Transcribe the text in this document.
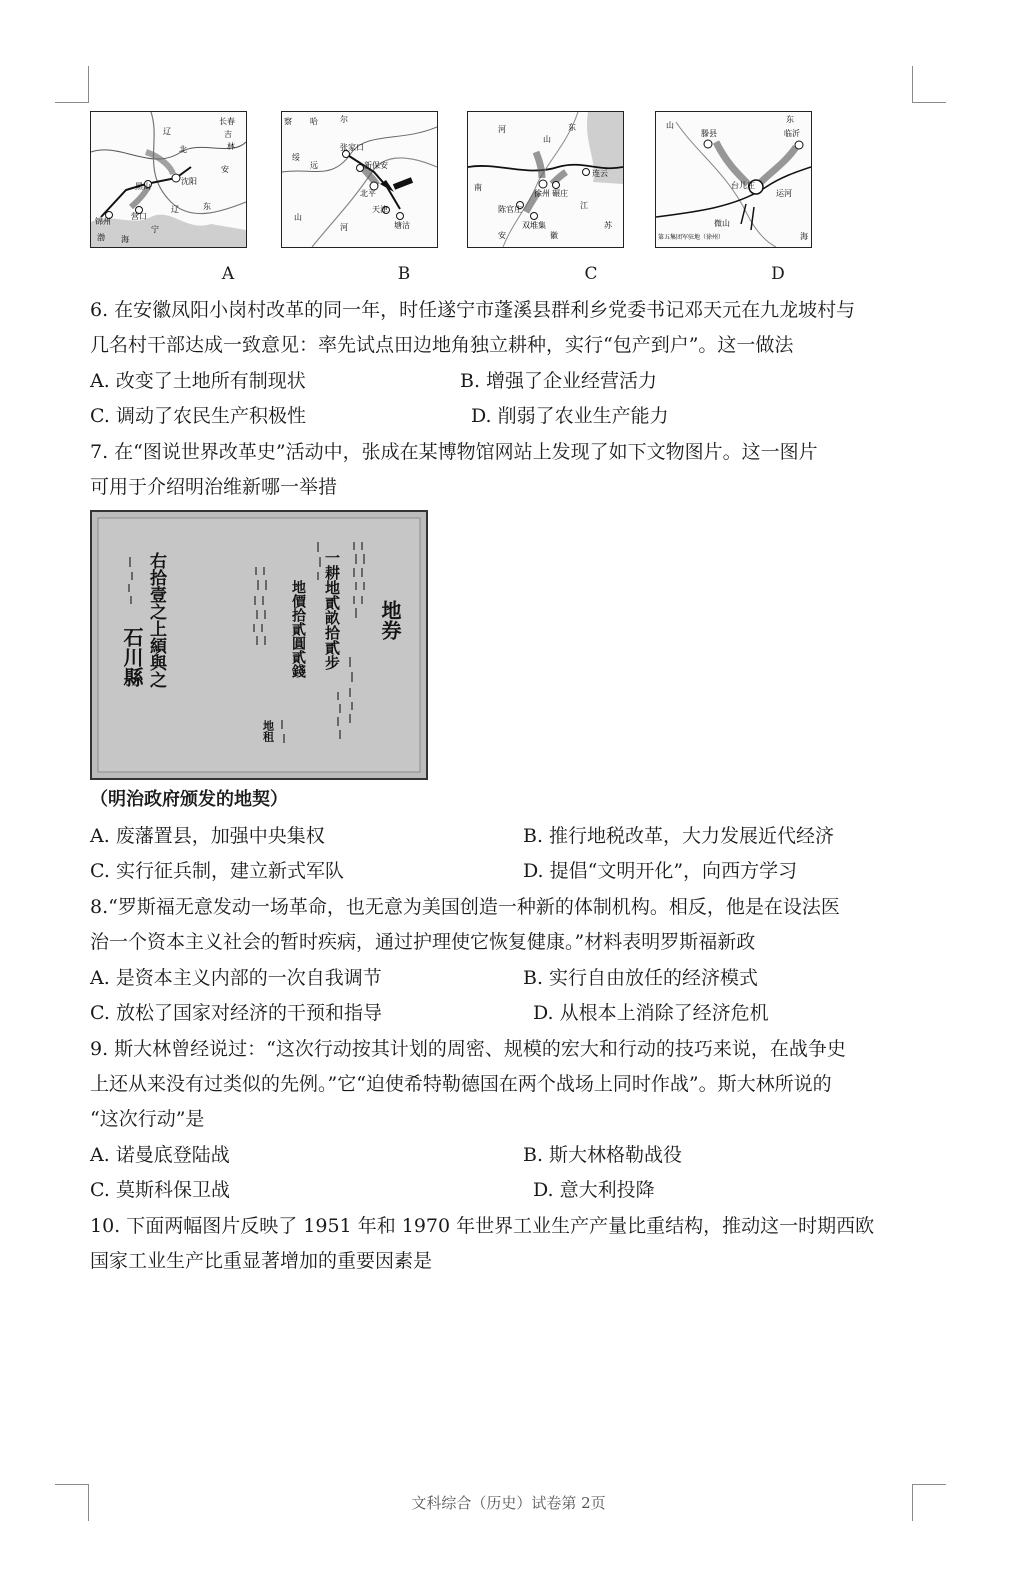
长春
辽	吉
林
北
安
锦州
黑山
沈阳
营口
辽	东
渤
宁
海
察 哈	尔
张家口
新保安
北平
绥
远
天津
塘沽
山
河
河
山
东
徐州 碾庄
连云
陈官庄
双堆集
安	徽
江
苏
南
山
东
滕县	临沂
台儿庄
运河
微山
第五集团军驻地（徐州）	海
A	B	C	D
6. 在安徽凤阳小岗村改革的同一年，时任遂宁市蓬溪县群利乡党委书记邓天元在九龙坡村与
几名村干部达成一致意见：率先试点田边地角独立耕种，实行“包产到户”。这一做法
A. 改变了土地所有制现状	B. 增强了企业经营活力
C. 调动了农民生产积极性	D. 削弱了农业生产能力
7. 在“图说世界改革史”活动中，张成在某博物馆网站上发现了如下文物图片。这一图片
可用于介绍明治维新哪一举措
右拾壹之上䋶與之
石川縣	一耕地貳畝拾貳步
地價拾貳圓貳錢	地券
地租
（明治政府颁发的地契）
A. 废藩置县，加强中央集权	B. 推行地税改革，大力发展近代经济
C. 实行征兵制，建立新式军队	D. 提倡“文明开化”，向西方学习
8.“罗斯福无意发动一场革命，也无意为美国创造一种新的体制机构。相反，他是在设法医
治一个资本主义社会的暂时疾病，通过护理使它恢复健康。”材料表明罗斯福新政
A. 是资本主义内部的一次自我调节	B. 实行自由放任的经济模式
C. 放松了国家对经济的干预和指导	D. 从根本上消除了经济危机
9. 斯大林曾经说过：“这次行动按其计划的周密、规模的宏大和行动的技巧来说，在战争史
上还从来没有过类似的先例。”它“迫使希特勒德国在两个战场上同时作战”。斯大林所说的
“这次行动”是
A. 诺曼底登陆战	B. 斯大林格勒战役
C. 莫斯科保卫战	D. 意大利投降
10. 下面两幅图片反映了 1951 年和 1970 年世界工业生产产量比重结构，推动这一时期西欧
国家工业生产比重显著增加的重要因素是
文科综合（历史）试卷第 2页
